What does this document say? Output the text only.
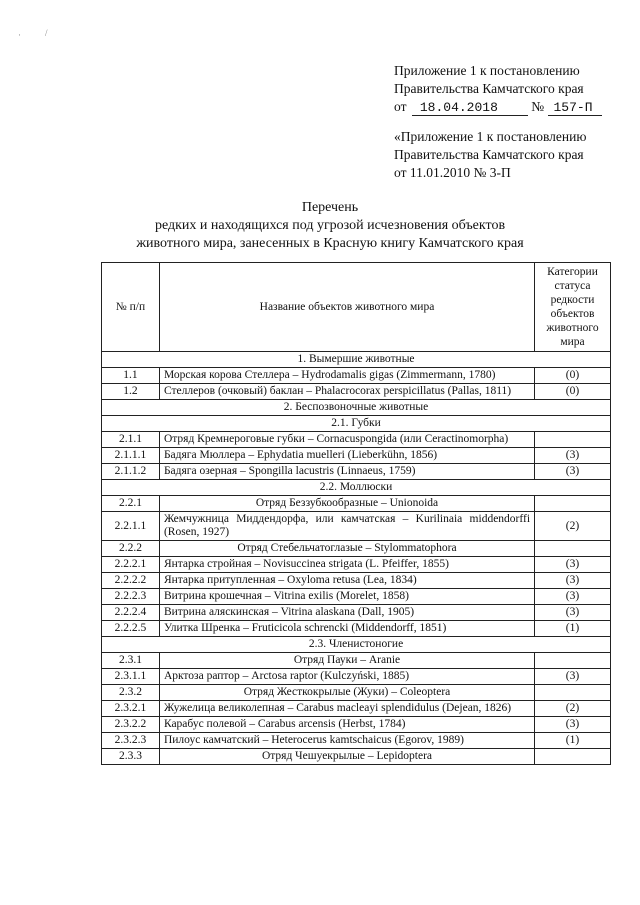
·	/
Приложение 1 к постановлению
Правительства Камчатского края
от 18.04.2018 № 157-П
«Приложение 1 к постановлению
Правительства Камчатского края
от 11.01.2010 № 3-П
Перечень
редких и находящихся под угрозой исчезновения объектов
животного мира, занесенных в Красную книгу Камчатского края
№ п/п	Название объектов животного мира	Категории статуса редкости объектов животного мира
1. Вымершие животные		
1.1	Морская корова Стеллера – Hydrodamalis gigas (Zimmermann, 1780)	(0)
1.2	Стеллеров (очковый) баклан – Phalacrocorax perspicillatus (Pallas, 1811)	(0)
2. Беспозвоночные животные		
2.1. Губки		
2.1.1	Отряд Кремнероговые губки – Cornacuspongida (или Ceractinomorpha)	
2.1.1.1	Бадяга Мюллера – Ephydatia muelleri (Lieberkühn, 1856)	(3)
2.1.1.2	Бадяга озерная – Spongilla lacustris (Linnaeus, 1759)	(3)
2.2. Моллюски		
2.2.1	Отряд Беззубкообразные – Unionoida	
2.2.1.1	Жемчужница Миддендорфа, или камчатская – Kurilinaia middendorffi (Rosen, 1927)	(2)
2.2.2	Отряд Стебельчатоглазые – Stylommatophora	
2.2.2.1	Янтарка стройная – Novisuccinea strigata (L. Pfeiffer, 1855)	(3)
2.2.2.2	Янтарка притупленная – Oxyloma retusa (Lea, 1834)	(3)
2.2.2.3	Витрина крошечная – Vitrina exilis (Morelet, 1858)	(3)
2.2.2.4	Витрина аляскинская – Vitrina alaskana (Dall, 1905)	(3)
2.2.2.5	Улитка Шренка – Fruticicola schrencki (Middendorff, 1851)	(1)
2.3. Членистоногие		
2.3.1	Отряд Пауки – Aranie	
2.3.1.1	Арктоза раптор – Arctosa raptor (Kulczyński, 1885)	(3)
2.3.2	Отряд Жесткокрылые (Жуки) – Coleoptera	
2.3.2.1	Жужелица великолепная – Carabus macleayi splendidulus (Dejean, 1826)	(2)
2.3.2.2	Карабус полевой – Carabus arcensis (Herbst, 1784)	(3)
2.3.2.3	Пилоус камчатский – Heterocerus kamtschaicus (Egorov, 1989)	(1)
2.3.3	Отряд Чешуекрылые – Lepidoptera	
